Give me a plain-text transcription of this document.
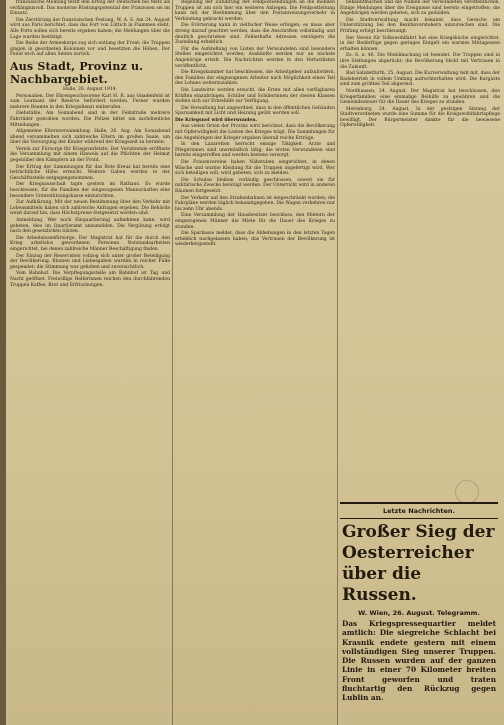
französische Meinung festlt den Erfolg der Deutschen bei Metz als verhängnisvoll. Das moderne Rüstungspotential der Franzosen sei im Einsatz.

Die Zerstörung der französischen Festung. W. A. S. Am 24. August wird aus Paris berichtet, dass das Fort von Lüttich in Flammen steht. Alle Forts sollen sich bereits ergeben haben; die Meldungen über die Lage wurden bestätigt.

Die Reihe der Armeekorps zog sich entlang der Front; die Truppen gingen in geordneten Kolonnen vor und besetzten die Höhen. Der Feind wich auf allen Seiten zurück.

Aus Stadt, Provinz u. Nachbargebiet.

Halle, 26. August 1914.

Personalien. Der Ehrengeschworene Karl H. R. aus Gnadenfeld ist zum Leutnant der Reserve befördert worden. Ferner wurden mehrere Beamte in den Kriegsdienst einberufen.

Diebstähle. Am Sonnabend sind in der Feldstraße mehrere Fahrräder gestohlen worden. Die Polizei bittet um sachdienliche Mitteilungen.

Allgemeine Elternversammlung. Halle, 26. Aug. Am Sonnabend abend versammelten sich zahlreiche Eltern im großen Saale, um über die Versorgung der Kinder während der Kriegszeit zu beraten.

Verein zur Fürsorge für Kriegsverletzte. Der Vorsitzende eröffnete die Versammlung mit einem Hinweis auf die Pflichten der Heimat gegenüber den Kämpfern an der Front.

Der Ertrag der Sammlungen für das Rote Kreuz hat bereits eine beträchtliche Höhe erreicht. Weitere Gaben werden in der Geschäftsstelle entgegengenommen.

Der Kriegsausschuß tagte gestern im Rathaus. Es wurde beschlossen, für die Familien der eingezogenen Mannschaften eine besondere Unterstützungskasse einzurichten.

Zur Aufklärung. Mit der neuen Bestimmung über den Verkehr mit Lebensmitteln haben sich zahlreiche Anfragen ergeben. Die Behörde weist darauf hin, dass Höchstpreise festgesetzt worden sind.

Anmeldung. Wer noch Einquartierung aufnehmen kann, wird gebeten, dies im Quartieramt anzumelden. Die Vergütung erfolgt nach den gesetzlichen Sätzen.

Die Arbeitslosenfürsorge. Der Magistrat hat für die durch den Krieg arbeitslos gewordenen Personen Notstandsarbeiten eingerichtet, bei denen zahlreiche Männer Beschäftigung finden.

Der Einzug der Reservisten vollzog sich unter großer Beteiligung der Bevölkerung. Blumen und Liebesgaben wurden in reicher Fülle gespendet; die Stimmung war gehoben und zuversichtlich.

Vom Bahnhof. Die Verpflegungsstelle am Bahnhof ist Tag und Nacht geöffnet. Freiwillige Helferinnen reichen den durchfahrenden Truppen Kaffee, Brot und Erfrischungen.

Regelung der Zuführung der Feldpostsendungen an die mobilen Truppen ist am sich hier ein weiteres Anliegen. Die Feldpostleitung kann mit der Bestimmung über den Postanweisungsverkehr in Verbindung gebracht werden.

Die Erörterung kann in vielfacher Weise erfolgen; es muss aber streng darauf geachtet werden, dass die Anschriften vollständig und deutlich geschrieben sind. Fehlerhafte Adressen verzögern die Zustellung erheblich.

Für die Aufstellung von Listen der Verwundeten sind besondere Stellen eingerichtet worden; Auskünfte werden nur an nächste Angehörige erteilt. Die Nachrichten werden in den Verlustlisten veröffentlicht.

Die Kriegskammer hat beschlossen, die Arbeitgeber aufzufordern, den Familien der eingezogenen Arbeiter nach Möglichkeit einen Teil des Lohnes weiterzuzahlen.

Die Landwirte werden ersucht, die Ernte mit allen verfügbaren Kräften einzubringen. Schüler und Schülerinnen der oberen Klassen stellen sich zur Erntehilfe zur Verfügung.

Die Verwaltung hat angeordnet, dass in den öffentlichen Gebäuden Sparsamkeit mit Licht und Heizung geübt werden soll.

Die Kriegsnot wird überwunden.

Aus vielen Orten der Provinz wird berichtet, dass die Bevölkerung mit Opferwilligkeit die Lasten des Krieges trägt. Die Sammlungen für die Angehörigen der Krieger ergaben überall reiche Erträge.

In den Lazaretten herrscht emsige Tätigkeit. Ärzte und Pflegerinnen sind unermüdlich tätig; die ersten Verwundeten sind bereits eingetroffen und werden bestens versorgt.

Die Frauenvereine haben Nähstuben eingerichtet, in denen Wäsche und warme Kleidung für die Truppen angefertigt wird. Wer sich beteiligen will, wird gebeten, sich zu melden.

Die Schulen bleiben vorläufig geschlossen, soweit sie für militärische Zwecke benötigt werden. Der Unterricht wird in anderen Räumen fortgesetzt.

Der Verkehr auf den Straßenbahnen ist eingeschränkt worden; die Fahrpläne werden täglich bekanntgegeben. Die Wagen verkehren nur bis zehn Uhr abends.

Eine Versammlung der Hausbesitzer beschloss, den Mietern der eingezogenen Männer die Miete für die Dauer des Krieges zu stunden.

Die Sparkasse meldet, dass die Abhebungen in den letzten Tagen erheblich nachgelassen haben; das Vertrauen der Bevölkerung ist wiederhergestellt.

bekanntmachen und die Namen der Verwundeten veröffentlichen. Einige Meldungen über die Ereignisse sind bereits eingetroffen; die Angehörigen werden gebeten, sich zu gedulden.

Die Stadtverwaltung macht bekannt, dass Gesuche um Unterstützung bei den Bezirksvorstehern einzureichen sind. Die Prüfung erfolgt beschleunigt.

Der Verein für Volkswohlfahrt hat eine Kriegsküche eingerichtet, in der Bedürftige gegen geringes Entgelt ein warmes Mittagessen erhalten können.

Es. 6. u. 46. Die Mobilmachung ist beendet. Die Truppen sind in ihre Stellungen abgerückt; die Bevölkerung blickt mit Vertrauen in die Zukunft.

Bad Salzdetfurth, 25. August. Die Kurverwaltung teilt mit, dass der Badebetrieb in vollem Umfang aufrechterhalten wird. Die Kurgäste sind zum größten Teil abgereist.

Nordhausen, 24. August. Der Magistrat hat beschlossen, den Kriegerfamilien eine einmalige Beihilfe zu gewähren und die Gemeindesteuer für die Dauer des Krieges zu stunden.

Merseburg, 24. August. In der gestrigen Sitzung der Stadtverordneten wurde eine Summe für die Kriegswohlfahrtspflege bewilligt. Der Bürgermeister dankte für die bewiesene Opferwilligkeit.

Letzte Nachrichten.
Großer Sieg der Oesterreicher über die Russen.
W. Wien, 26. August. Telegramm.
Das Kriegspressequartier meldet amtlich: Die siegreiche Schlacht bei Krasnik endete gestern mit einem vollständigen Sieg unserer Truppen. Die Russen wurden auf der ganzen Linie in einer 70 Kilometer breiten Front geworfen und traten fluchtartig den Rückzug gegen Lublin an.
